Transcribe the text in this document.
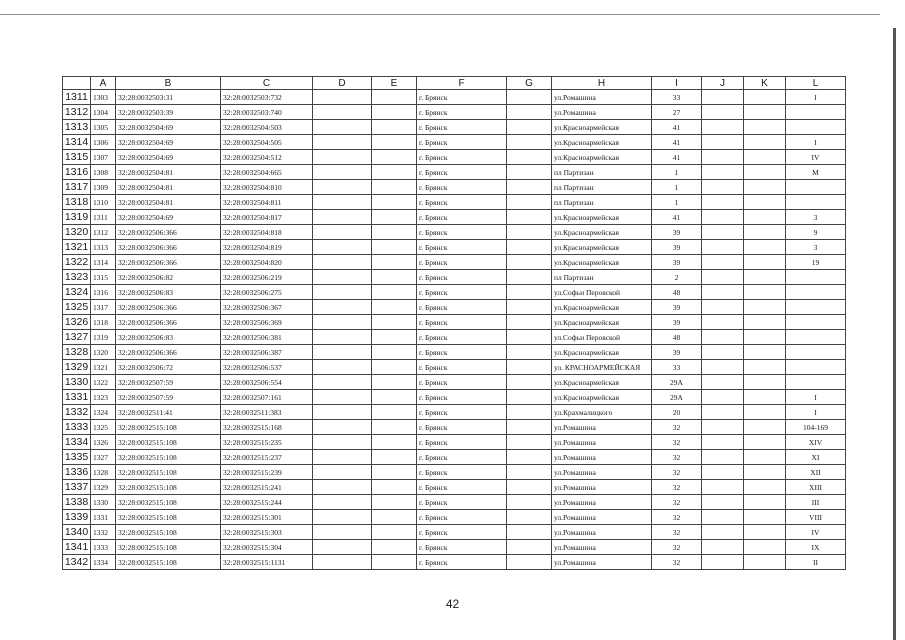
	A	B	C	D	E	F	G	H	I	J	K	L
1311	1303	32:28:0032503:31	32:28:0032503:732			г. Брянск		ул.Ромашина	33			I
1312	1304	32:28:0032503:39	32:28:0032503:740			г. Брянск		ул.Ромашина	27			
1313	1305	32:28:0032504:69	32:28:0032504:503			г. Брянск		ул.Красноармейская	41			
1314	1306	32:28:0032504:69	32:28:0032504:505			г. Брянск		ул.Красноармейская	41			I
1315	1307	32:28:0032504:69	32:28:0032504:512			г. Брянск		ул.Красноармейская	41			IV
1316	1308	32:28:0032504:81	32:28:0032504:665			г. Брянск		пл Партизан	1			M
1317	1309	32:28:0032504:81	32:28:0032504:810			г. Брянск		пл Партизан	1			
1318	1310	32:28:0032504:81	32:28:0032504:811			г. Брянск		пл Партизан	1			
1319	1311	32:28:0032504:69	32:28:0032504:817			г. Брянск		ул.Красноармейская	41			3
1320	1312	32:28:0032506:366	32:28:0032504:818			г. Брянск		ул.Красноармейская	39			9
1321	1313	32:28:0032506:366	32:28:0032504:819			г. Брянск		ул.Красноармейская	39			3
1322	1314	32:28:0032506:366	32:28:0032504:820			г. Брянск		ул.Красноармейская	39			19
1323	1315	32:28:0032506:82	32:28:0032506:219			г. Брянск		пл Партизан	2			
1324	1316	32:28:0032506:83	32:28:0032506:275			г. Брянск		ул.Софьи Перовской	48			
1325	1317	32:28:0032506:366	32:28:0032506:367			г. Брянск		ул.Красноармейская	39			
1326	1318	32:28:0032506:366	32:28:0032506:369			г. Брянск		ул.Красноармейская	39			
1327	1319	32:28:0032506:83	32:28:0032506:381			г. Брянск		ул.Софьи Перовской	48			
1328	1320	32:28:0032506:366	32:28:0032506:387			г. Брянск		ул.Красноармейская	39			
1329	1321	32:28:0032506:72	32:28:0032506:537			г. Брянск		ул. КРАСНОАРМЕЙСКАЯ	33			
1330	1322	32:28:0032507:59	32:28:0032506:554			г. Брянск		ул.Красноармейская	29А			
1331	1323	32:28:0032507:59	32:28:0032507:161			г. Брянск		ул.Красноармейская	29А			I
1332	1324	32:28:0032511:41	32:28:0032511:383			г. Брянск		ул.Крахмалицкого	20			I
1333	1325	32:28:0032515:108	32:28:0032515:168			г. Брянск		ул.Ромашина	32			104-169
1334	1326	32:28:0032515:108	32:28:0032515:235			г. Брянск		ул.Ромашина	32			XIV
1335	1327	32:28:0032515:108	32:28:0032515:237			г. Брянск		ул.Ромашина	32			XI
1336	1328	32:28:0032515:108	32:28:0032515:239			г. Брянск		ул.Ромашина	32			XII
1337	1329	32:28:0032515:108	32:28:0032515:241			г. Брянск		ул.Ромашина	32			XIII
1338	1330	32:28:0032515:108	32:28:0032515:244			г. Брянск		ул.Ромашина	32			III
1339	1331	32:28:0032515:108	32:28:0032515:301			г. Брянск		ул.Ромашина	32			VIII
1340	1332	32:28:0032515:108	32:28:0032515:303			г. Брянск		ул.Ромашина	32			IV
1341	1333	32:28:0032515:108	32:28:0032515:304			г. Брянск		ул.Ромашина	32			IX
1342	1334	32:28:0032515:108	32:28:0032515:1131			г. Брянск		ул.Ромашина	32			II
42
